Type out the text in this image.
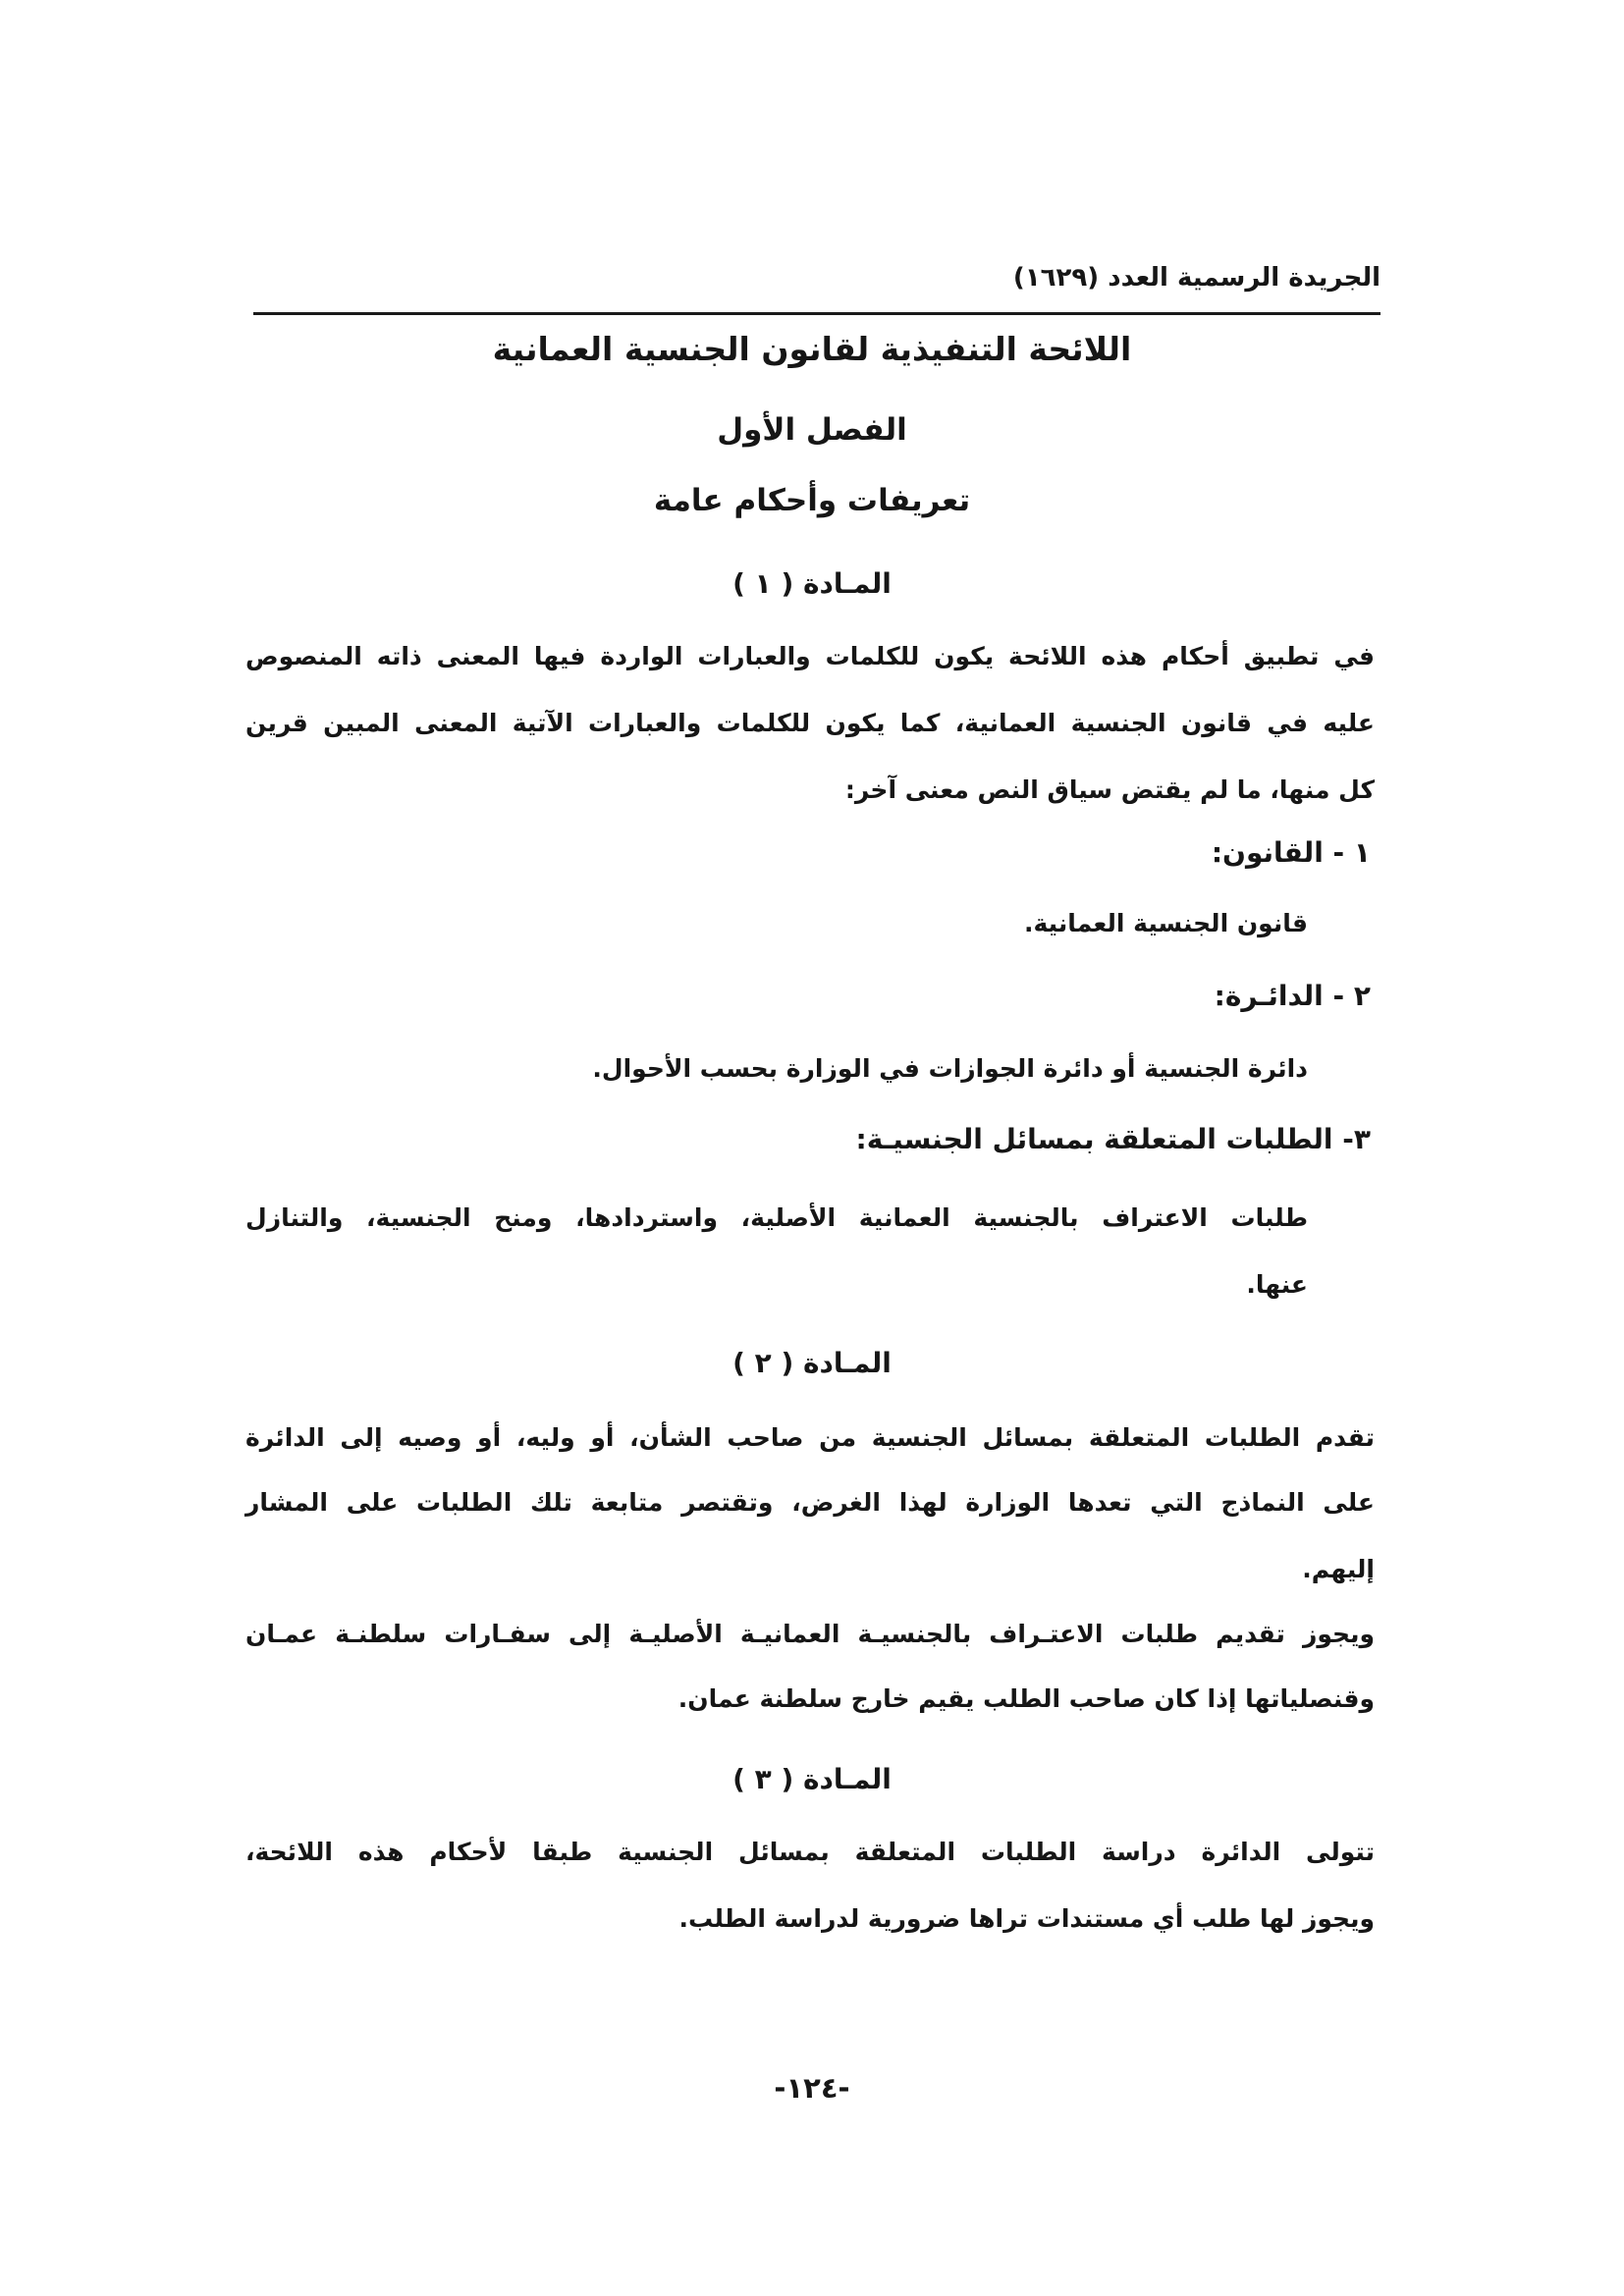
الجريدة الرسمية العدد (١٦٢٩)
اللائحة التنفيذية لقانون الجنسية العمانية
الفصل الأول
تعريفات وأحكام عامة
المـادة ( ١ )
في تطبيق أحكام هذه اللائحة يكون للكلمات والعبارات الواردة فيها المعنى ذاته المنصوص
عليه في قانون الجنسية العمانية، كما يكون للكلمات والعبارات الآتية المعنى المبين قرين
كل منها، ما لم يقتض سياق النص معنى آخر:
١ - القانون:
قانون الجنسية العمانية.
٢ - الدائـرة:
دائرة الجنسية أو دائرة الجوازات في الوزارة بحسب الأحوال.
٣- الطلبات المتعلقة بمسائل الجنسيـة:
طلبات الاعتراف بالجنسية العمانية الأصلية، واستردادها، ومنح الجنسية، والتنازل
عنها.
المـادة ( ٢ )
تقدم الطلبات المتعلقة بمسائل الجنسية من صاحب الشأن، أو وليه، أو وصيه إلى الدائرة
على النماذج التي تعدها الوزارة لهذا الغرض، وتقتصر متابعة تلك الطلبات على المشار
إليهم.
ويجوز تقديم طلبات الاعتـراف بالجنسيـة العمانيـة الأصليـة إلى سفـارات سلطنـة عمـان
وقنصلياتها إذا كان صاحب الطلب يقيم خارج سلطنة عمان.
المـادة ( ٣ )
تتولى الدائرة دراسة الطلبات المتعلقة بمسائل الجنسية طبقا لأحكام هذه اللائحة،
ويجوز لها طلب أي مستندات تراها ضرورية لدراسة الطلب.
-١٢٤-
